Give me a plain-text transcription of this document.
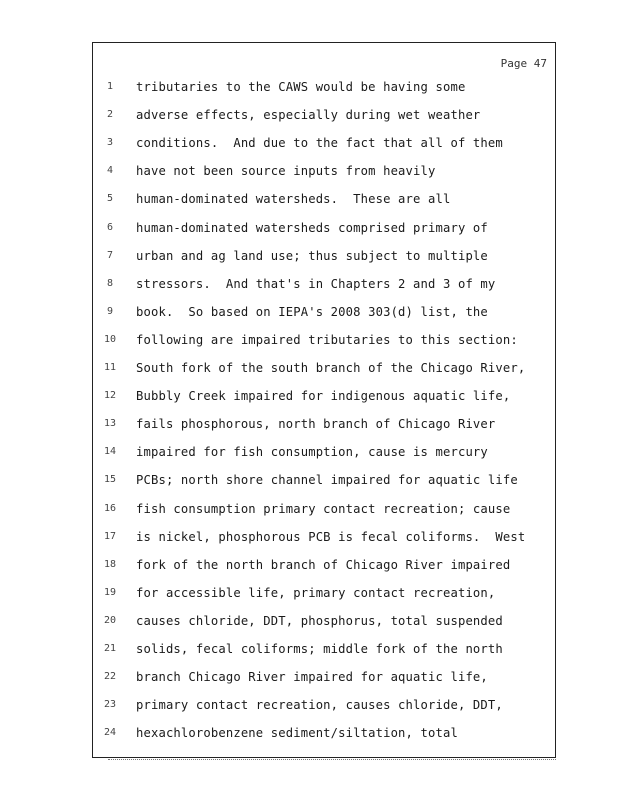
Page 47
1	tributaries to the CAWS would be having some
2	adverse effects, especially during wet weather
3	conditions.  And due to the fact that all of them
4	have not been source inputs from heavily
5	human-dominated watersheds.  These are all
6	human-dominated watersheds comprised primary of
7	urban and ag land use; thus subject to multiple
8	stressors.  And that's in Chapters 2 and 3 of my
9	book.  So based on IEPA's 2008 303(d) list, the
10	following are impaired tributaries to this section:
11	South fork of the south branch of the Chicago River,
12	Bubbly Creek impaired for indigenous aquatic life,
13	fails phosphorous, north branch of Chicago River
14	impaired for fish consumption, cause is mercury
15	PCBs; north shore channel impaired for aquatic life
16	fish consumption primary contact recreation; cause
17	is nickel, phosphorous PCB is fecal coliforms.  West
18	fork of the north branch of Chicago River impaired
19	for accessible life, primary contact recreation,
20	causes chloride, DDT, phosphorus, total suspended
21	solids, fecal coliforms; middle fork of the north
22	branch Chicago River impaired for aquatic life,
23	primary contact recreation, causes chloride, DDT,
24	hexachlorobenzene sediment/siltation, total
